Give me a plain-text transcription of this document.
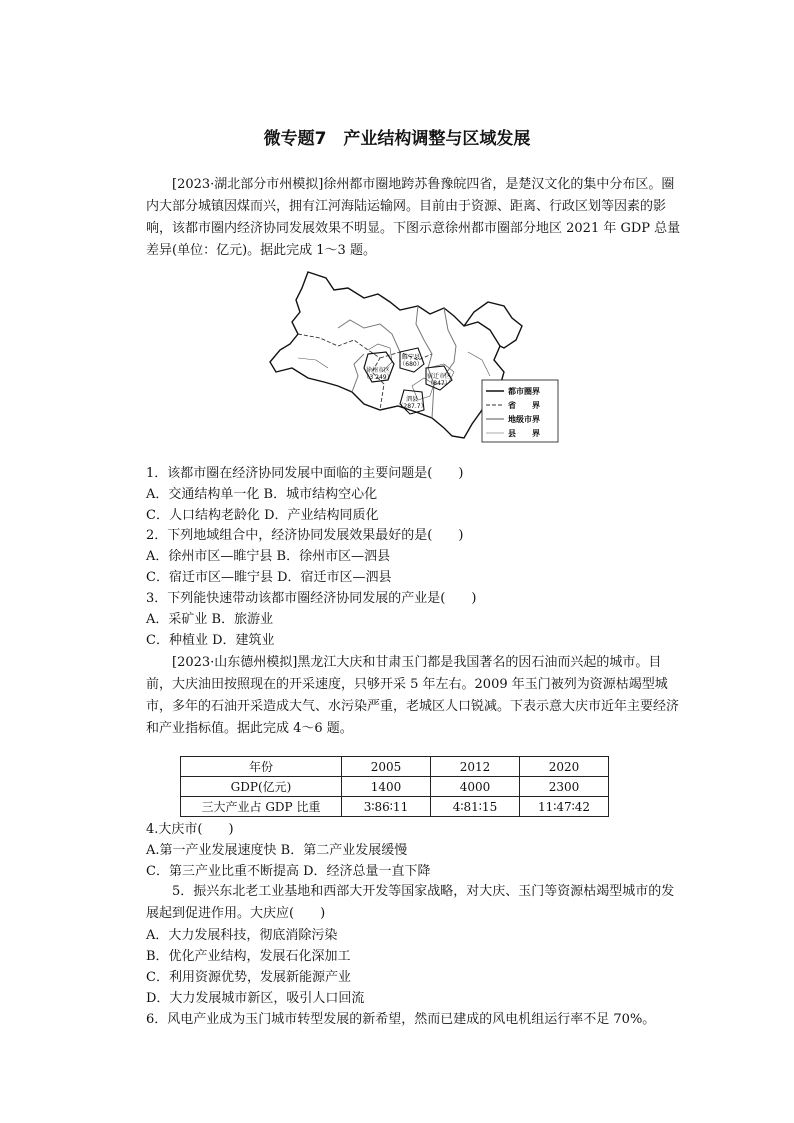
微专题7　产业结构调整与区域发展
[2023·湖北部分市州模拟]徐州都市圈地跨苏鲁豫皖四省，是楚汉文化的集中分布区。圈内大部分城镇因煤而兴，拥有江河海陆运输网。目前由于资源、距离、行政区划等因素的影响，该都市圈内经济协同发展效果不明显。下图示意徐州都市圈部分地区 2021 年 GDP 总量差异(单位：亿元)。据此完成 1～3 题。
徐州市区
（3 249）
睢宁县
（680）
宿迁市区
（847）
泗县
（287.7）
都市圈界
省　　界
地级市界
县　　界
1．该都市圈在经济协同发展中面临的主要问题是(　　)
A．交通结构单一化 B．城市结构空心化
C．人口结构老龄化 D．产业结构同质化
2．下列地域组合中，经济协同发展效果最好的是(　　)
A．徐州市区—睢宁县 B．徐州市区—泗县
C．宿迁市区—睢宁县 D．宿迁市区—泗县
3．下列能快速带动该都市圈经济协同发展的产业是(　　)
A．采矿业 B．旅游业
C．种植业 D．建筑业
[2023·山东德州模拟]黑龙江大庆和甘肃玉门都是我国著名的因石油而兴起的城市。目前，大庆油田按照现在的开采速度，只够开采 5 年左右。2009 年玉门被列为资源枯竭型城市，多年的石油开采造成大气、水污染严重，老城区人口锐减。下表示意大庆市近年主要经济和产业指标值。据此完成 4～6 题。
年份	2005	2012	2020
GDP(亿元)	1400	4000	2300
三大产业占 GDP 比重	3∶86∶11	4∶81∶15	11∶47∶42
4.大庆市(　　)
A.第一产业发展速度快 B．第二产业发展缓慢
C．第三产业比重不断提高 D．经济总量一直下降
5．振兴东北老工业基地和西部大开发等国家战略，对大庆、玉门等资源枯竭型城市的发展起到促进作用。大庆应(　　)
A．大力发展科技，彻底消除污染
B．优化产业结构，发展石化深加工
C．利用资源优势，发展新能源产业
D．大力发展城市新区，吸引人口回流
6．风电产业成为玉门城市转型发展的新希望，然而已建成的风电机组运行率不足 70%。
